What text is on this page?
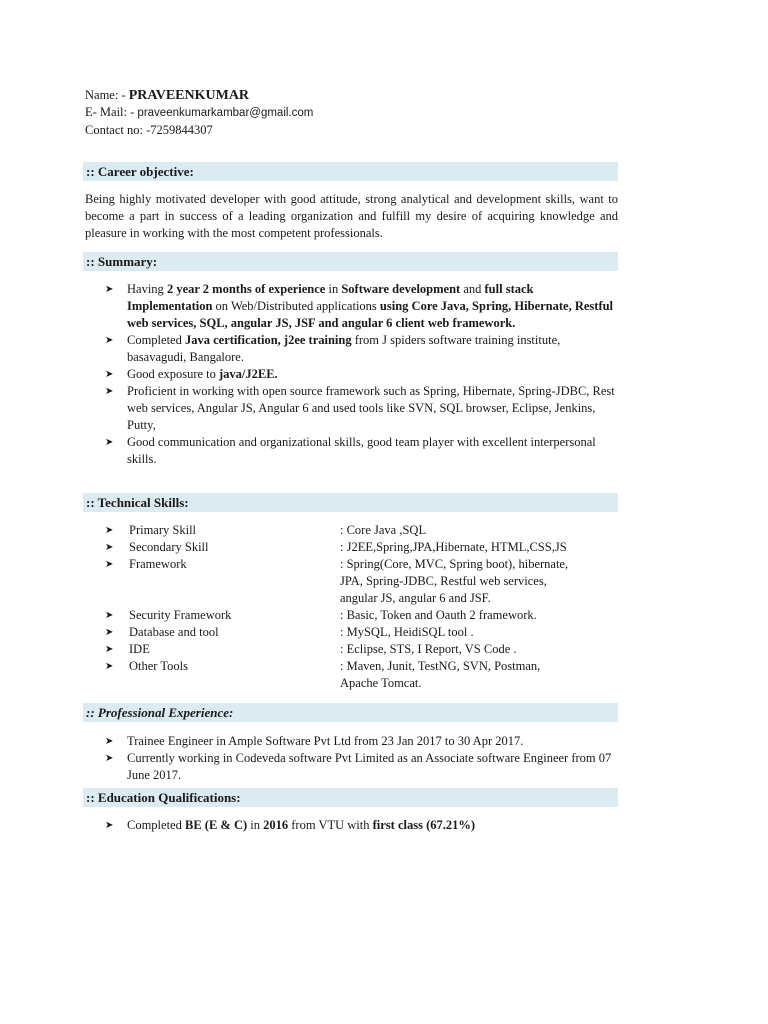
Name: - PRAVEENKUMAR
E- Mail: - praveenkumarkambar@gmail.com
Contact no: -7259844307
:: Career objective:
Being highly motivated developer with good attitude, strong analytical and development skills, want to become a part in success of a leading organization and fulfill my desire of acquiring knowledge and pleasure in working with the most competent professionals.
:: Summary:
➤ Having 2 year 2 months of experience in Software development and full stack Implementation on Web/Distributed applications using Core Java, Spring, Hibernate, Restful web services, SQL, angular JS, JSF and angular 6 client web framework.
➤ Completed Java certification, j2ee training from J spiders software training institute, basavagudi, Bangalore.
➤ Good exposure to java/J2EE.
➤ Proficient in working with open source framework such as Spring, Hibernate, Spring-JDBC, Rest web services, Angular JS, Angular 6 and used tools like SVN, SQL browser, Eclipse, Jenkins, Putty,
➤ Good communication and organizational skills, good team player with excellent interpersonal skills.
:: Technical Skills:
➤ Primary Skill	: Core Java ,SQL
➤ Secondary Skill	: J2EE,Spring,JPA,Hibernate, HTML,CSS,JS
➤ Framework	: Spring(Core, MVC, Spring boot), hibernate,
JPA, Spring-JDBC, Restful web services,
angular JS, angular 6 and JSF.
➤ Security Framework	: Basic, Token and Oauth 2 framework.
➤ Database and tool	: MySQL, HeidiSQL tool .
➤ IDE	: Eclipse, STS, I Report, VS Code .
➤ Other Tools	: Maven, Junit, TestNG, SVN, Postman,
Apache Tomcat.
:: Professional Experience:
➤ Trainee Engineer in Ample Software Pvt Ltd from 23 Jan 2017 to 30 Apr 2017.
➤ Currently working in Codeveda software Pvt Limited as an Associate software Engineer from 07 June 2017.
:: Education Qualifications:
➤ Completed BE (E & C) in 2016 from VTU with first class (67.21%)
